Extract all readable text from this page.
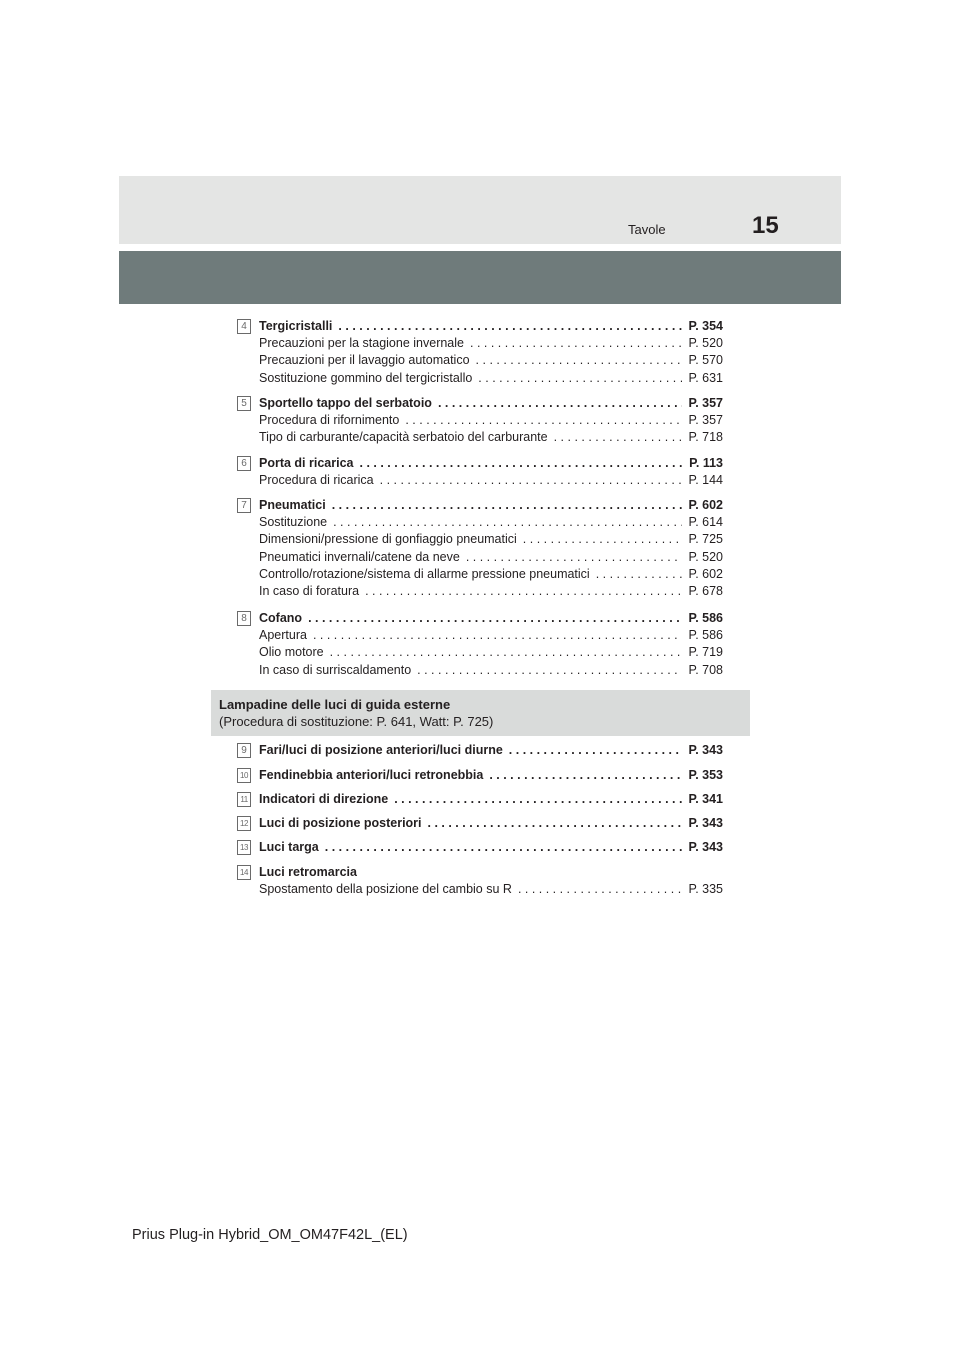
Tavole	15
4 Tergicristalli . . .	P. 354
Precauzioni per la stagione invernale . . .	P. 520
Precauzioni per il lavaggio automatico . . .	P. 570
Sostituzione gommino del tergicristallo . . .	P. 631
5 Sportello tappo del serbatoio . . .	P. 357
Procedura di rifornimento . . .	P. 357
Tipo di carburante/capacità serbatoio del carburante . . .	P. 718
6 Porta di ricarica . . .	P. 113
Procedura di ricarica . . .	P. 144
7 Pneumatici . . .	P. 602
Sostituzione . . .	P. 614
Dimensioni/pressione di gonfiaggio pneumatici . . .	P. 725
Pneumatici invernali/catene da neve . . .	P. 520
Controllo/rotazione/sistema di allarme pressione pneumatici . . .	P. 602
In caso di foratura . . .	P. 678
8 Cofano . . .	P. 586
Apertura . . .	P. 586
Olio motore . . .	P. 719
In caso di surriscaldamento . . .	P. 708
Lampadine delle luci di guida esterne
(Procedura di sostituzione: P. 641, Watt: P. 725)
9 Fari/luci di posizione anteriori/luci diurne . . .	P. 343
10 Fendinebbia anteriori/luci retronebbia . . .	P. 353
11 Indicatori di direzione . . .	P. 341
12 Luci di posizione posteriori . . .	P. 343
13 Luci targa . . .	P. 343
14 Luci retromarcia
Spostamento della posizione del cambio su R . . .	P. 335
Prius Plug-in Hybrid_OM_OM47F42L_(EL)
